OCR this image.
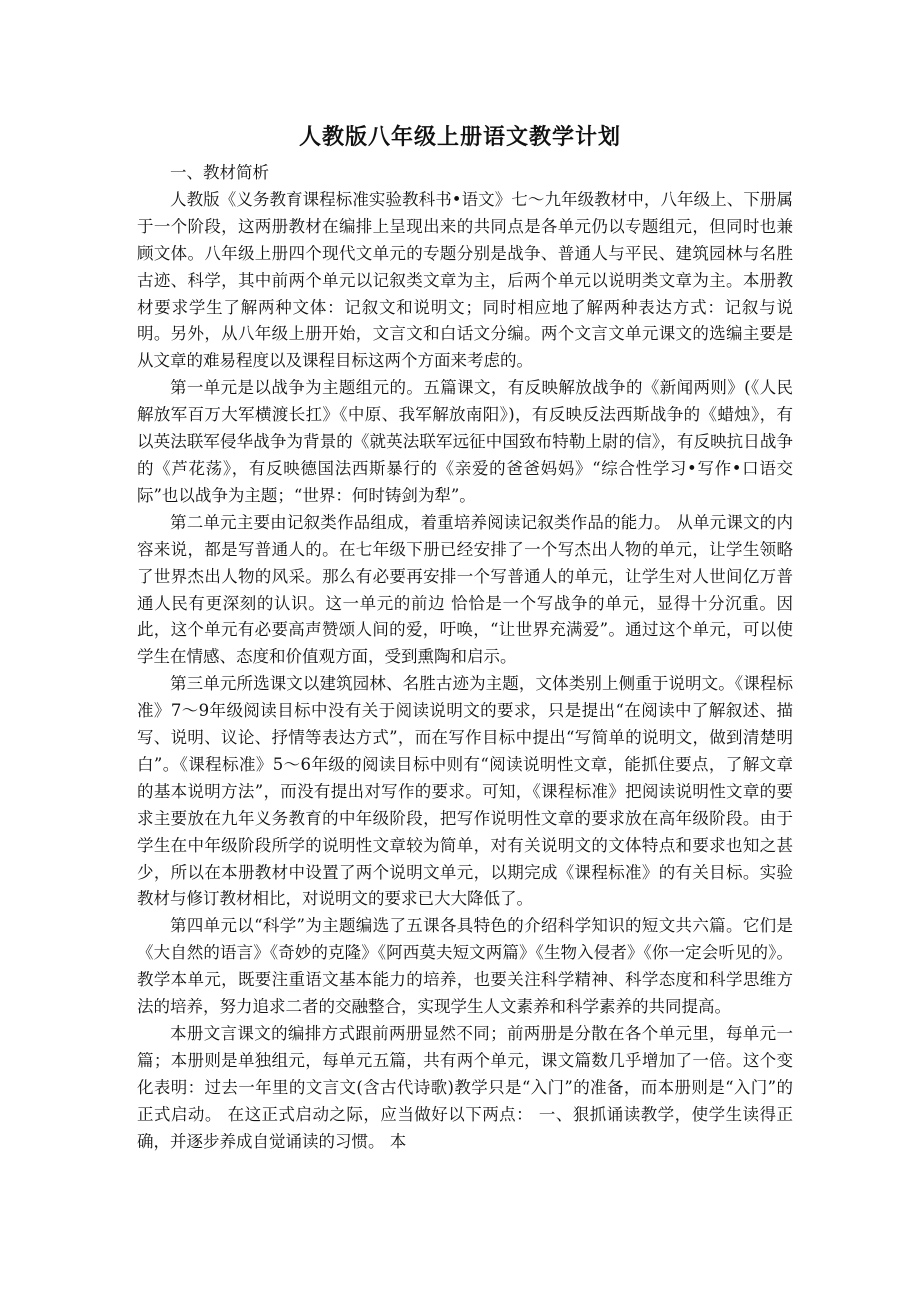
人教版八年级上册语文教学计划

一、教材简析

人教版《义务教育课程标准实验教科书•语文》七～九年级教材中，八年级上、下册属于一个阶段，这两册教材在编排上呈现出来的共同点是各单元仍以专题组元，但同时也兼顾文体。八年级上册四个现代文单元的专题分别是战争、普通人与平民、建筑园林与名胜古迹、科学，其中前两个单元以记叙类文章为主，后两个单元以说明类文章为主。本册教材要求学生了解两种文体：记叙文和说明文；同时相应地了解两种表达方式：记叙与说明。另外，从八年级上册开始，文言文和白话文分编。两个文言文单元课文的选编主要是从文章的难易程度以及课程目标这两个方面来考虑的。

第一单元是以战争为主题组元的。五篇课文，有反映解放战争的《新闻两则》(《人民解放军百万大军横渡长扛》《中原、我军解放南阳》)，有反映反法西斯战争的《蜡烛》，有以英法联军侵华战争为背景的《就英法联军远征中国致布特勒上尉的信》，有反映抗日战争的《芦花荡》，有反映德国法西斯暴行的《亲爱的爸爸妈妈》“综合性学习•写作•口语交际”也以战争为主题；“世界：何时铸剑为犁”。

第二单元主要由记叙类作品组成，着重培养阅读记叙类作品的能力。 从单元课文的内容来说，都是写普通人的。在七年级下册已经安排了一个写杰出人物的单元，让学生领略了世界杰出人物的风采。那么有必要再安排一个写普通人的单元，让学生对人世间亿万普通人民有更深刻的认识。这一单元的前边 恰恰是一个写战争的单元，显得十分沉重。因此，这个单元有必要高声赞颂人间的爱，吁唤，“让世界充满爱”。通过这个单元，可以使学生在情感、态度和价值观方面，受到熏陶和启示。

第三单元所选课文以建筑园林、名胜古迹为主题，文体类别上侧重于说明文。《课程标准》7～9年级阅读目标中没有关于阅读说明文的要求，只是提出“在阅读中了解叙述、描写、说明、议论、抒情等表达方式”，而在写作目标中提出“写简单的说明文，做到清楚明白”。《课程标准》5～6年级的阅读目标中则有“阅读说明性文章，能抓住要点，了解文章的基本说明方法”，而没有提出对写作的要求。可知，《课程标准》把阅读说明性文章的要求主要放在九年义务教育的中年级阶段，把写作说明性文章的要求放在高年级阶段。由于学生在中年级阶段所学的说明性文章较为简单，对有关说明文的文体特点和要求也知之甚少，所以在本册教材中设置了两个说明文单元，以期完成《课程标准》的有关目标。实验教材与修订教材相比，对说明文的要求已大大降低了。

第四单元以“科学”为主题编选了五课各具特色的介绍科学知识的短文共六篇。它们是《大自然的语言》《奇妙的克隆》《阿西莫夫短文两篇》《生物入侵者》《你一定会听见的》。教学本单元，既要注重语文基本能力的培养，也要关注科学精神、科学态度和科学思维方法的培养，努力追求二者的交融整合，实现学生人文素养和科学素养的共同提高。

本册文言课文的编排方式跟前两册显然不同；前两册是分散在各个单元里，每单元一篇；本册则是单独组元，每单元五篇，共有两个单元，课文篇数几乎增加了一倍。这个变化表明：过去一年里的文言文(含古代诗歌)教学只是“入门”的准备，而本册则是“入门”的正式启动。 在这正式启动之际，应当做好以下两点： 一、狠抓诵读教学，使学生读得正确，并逐步养成自觉诵读的习惯。 本
